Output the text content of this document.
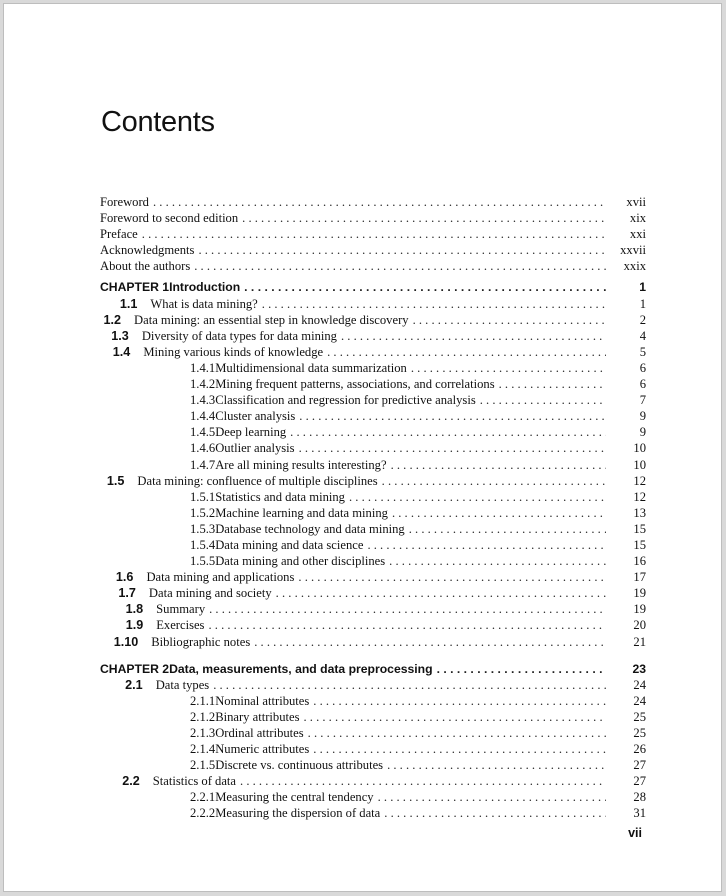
Contents
Foreword . . .	xvii
Foreword to second edition . . .	xix
Preface . . .	xxi
Acknowledgments . . .	xxvii
About the authors . . .	xxix
CHAPTER 1 Introduction . . .	1
1.1	What is data mining? . . .	1
1.2	Data mining: an essential step in knowledge discovery . . .	2
1.3	Diversity of data types for data mining . . .	4
1.4	Mining various kinds of knowledge . . .	5
1.4.1 Multidimensional data summarization . . .	6
1.4.2 Mining frequent patterns, associations, and correlations . . .	6
1.4.3 Classification and regression for predictive analysis . . .	7
1.4.4 Cluster analysis . . .	9
1.4.5 Deep learning . . .	9
1.4.6 Outlier analysis . . .	10
1.4.7 Are all mining results interesting? . . .	10
1.5	Data mining: confluence of multiple disciplines . . .	12
1.5.1 Statistics and data mining . . .	12
1.5.2 Machine learning and data mining . . .	13
1.5.3 Database technology and data mining . . .	15
1.5.4 Data mining and data science . . .	15
1.5.5 Data mining and other disciplines . . .	16
1.6	Data mining and applications . . .	17
1.7	Data mining and society . . .	19
1.8	Summary . . .	19
1.9	Exercises . . .	20
1.10	Bibliographic notes . . .	21
CHAPTER 2 Data, measurements, and data preprocessing . . .	23
2.1	Data types . . .	24
2.1.1 Nominal attributes . . .	24
2.1.2 Binary attributes . . .	25
2.1.3 Ordinal attributes . . .	25
2.1.4 Numeric attributes . . .	26
2.1.5 Discrete vs. continuous attributes . . .	27
2.2	Statistics of data . . .	27
2.2.1 Measuring the central tendency . . .	28
2.2.2 Measuring the dispersion of data . . .	31
vii
